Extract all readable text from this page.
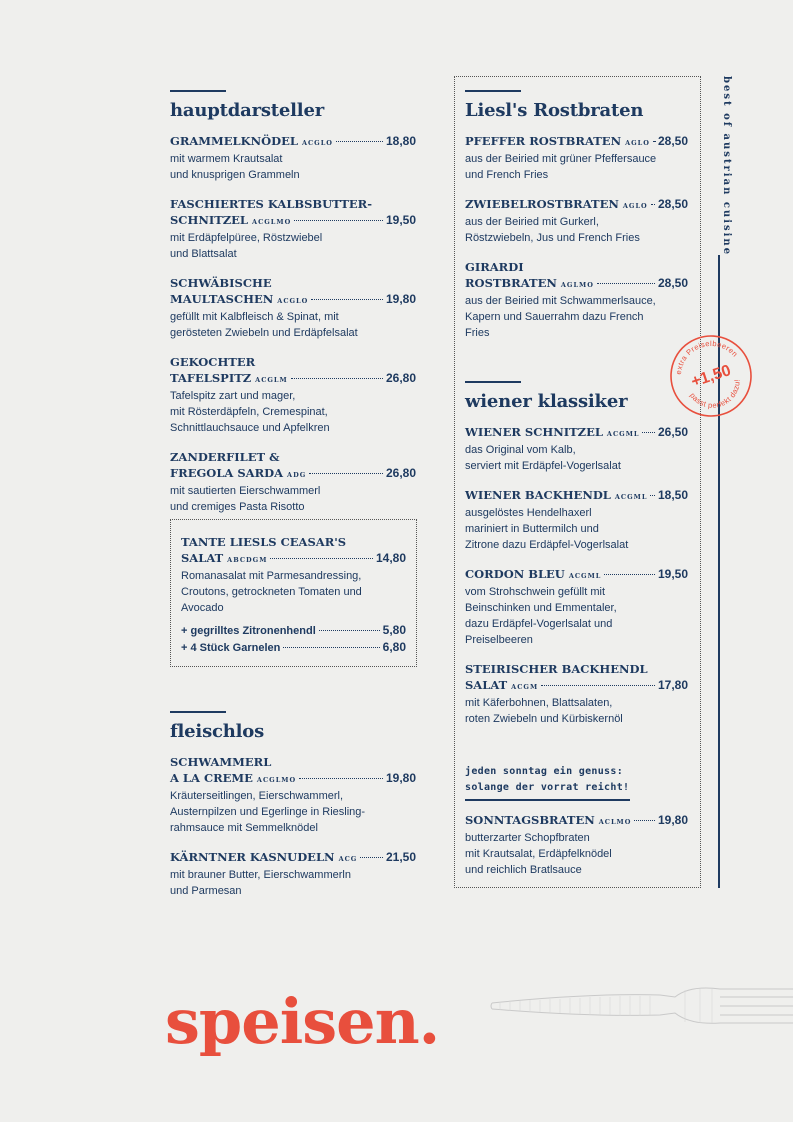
hauptdarsteller
GRAMMELKNÖDEL ACGLO	18,80

mit warmem Krautsalat

und knusprigen Grammeln

FASCHIERTES KALBSBUTTER-
SCHNITZEL ACGLMO	19,50

mit Erdäpfelpüree, Röstzwiebel

und Blattsalat

SCHWÄBISCHE
MAULTASCHEN ACGLO	19,80

gefüllt mit Kalbfleisch & Spinat, mit

gerösteten Zwiebeln und Erdäpfelsalat

GEKOCHTER
TAFELSPITZ ACGLM	26,80

Tafelspitz zart und mager,

mit Rösterdäpfeln, Cremespinat,

Schnittlauchsauce und Apfelkren

ZANDERFILET &
FREGOLA SARDA ADG	26,80

mit sautierten Eierschwammerl

und cremiges Pasta Risotto

TANTE LIESLS CEASAR'S
SALAT ABCDGM	14,80

Romanasalat mit Parmesandressing,

Croutons, getrockneten Tomaten und

Avocado

+ gegrilltes Zitronenhendl	5,80
+ 4 Stück Garnelen	6,80
fleischlos
SCHWAMMERL
A LA CREME ACGLMO	19,80

Kräuterseitlingen, Eierschwammerl,

Austernpilzen und Egerlinge in Riesling-

rahmsauce mit Semmelknödel

KÄRNTNER KASNUDELN ACG 21,50

mit brauner Butter, Eierschwammerln

und Parmesan

Liesl's Rostbraten
PFEFFER ROSTBRATEN AGLO 28,50

aus der Beiried mit grüner Pfeffersauce

und French Fries

ZWIEBELROSTBRATEN AGLO 28,50

aus der Beiried mit Gurkerl,

Röstzwiebeln, Jus und French Fries

GIRARDI
ROSTBRATEN AGLMO	28,50

aus der Beiried mit Schwammerlsauce,

Kapern und Sauerrahm dazu French

Fries

wiener klassiker
WIENER SCHNITZEL ACGML 26,50

das Original vom Kalb,

serviert mit Erdäpfel-Vogerlsalat

WIENER BACKHENDL ACGML 18,50

ausgelöstes Hendelhaxerl

mariniert in Buttermilch und

Zitrone dazu Erdäpfel-Vogerlsalat

CORDON BLEU ACGML	19,50

vom Strohschwein gefüllt mit

Beinschinken und Emmentaler,

dazu Erdäpfel-Vogerlsalat und

Preiselbeeren

STEIRISCHER BACKHENDL
SALAT ACGM	17,80

mit Käferbohnen, Blattsalaten,

roten Zwiebeln und Kürbiskernöl

jeden sonntag ein genuss:
solange der vorrat reicht!
SONNTAGSBRATEN ACLMO 19,80

butterzarter Schopfbraten

mit Krautsalat, Erdäpfelknödel

und reichlich Bratlsauce

best of austrian cuisine
extra Preiselbeeren
+1,50
passt perfekt dazu!
speisen.
